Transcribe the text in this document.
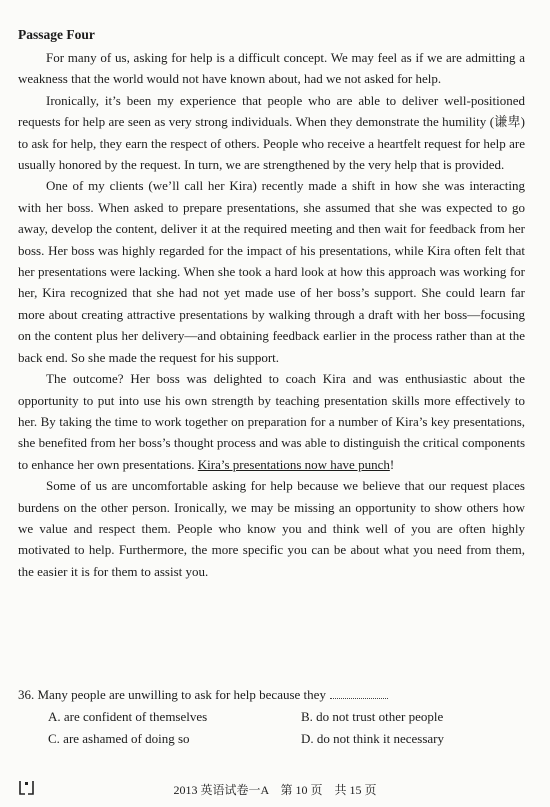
Passage Four

For many of us, asking for help is a difficult concept. We may feel as if we are admitting a weakness that the world would not have known about, had we not asked for help.

Ironically, it’s been my experience that people who are able to deliver well-positioned requests for help are seen as very strong individuals. When they demonstrate the humility (谦卑) to ask for help, they earn the respect of others. People who receive a heartfelt request for help are usually honored by the request. In turn, we are strengthened by the very help that is provided.

One of my clients (we’ll call her Kira) recently made a shift in how she was interacting with her boss. When asked to prepare presentations, she assumed that she was expected to go away, develop the content, deliver it at the required meeting and then wait for feedback from her boss. Her boss was highly regarded for the impact of his presentations, while Kira often felt that her presentations were lacking. When she took a hard look at how this approach was working for her, Kira recognized that she had not yet made use of her boss’s support. She could learn far more about creating attractive presentations by walking through a draft with her boss—focusing on the content plus her delivery—and obtaining feedback earlier in the process rather than at the back end. So she made the request for his support.

The outcome? Her boss was delighted to coach Kira and was enthusiastic about the opportunity to put into use his own strength by teaching presentation skills more effectively to her. By taking the time to work together on preparation for a number of Kira’s key presentations, she benefited from her boss’s thought process and was able to distinguish the critical components to enhance her own presentations. Kira’s presentations now have punch!

Some of us are uncomfortable asking for help because we believe that our request places burdens on the other person. Ironically, we may be missing an opportunity to show others how we value and respect them. People who know you and think well of you are often highly motivated to help. Furthermore, the more specific you can be about what you need from them, the easier it is for them to assist you.

36. Many people are unwilling to ask for help because they
A. are confident of themselves	B. do not trust other people
C. are ashamed of doing so	D. do not think it necessary
2013 英语试卷一A　第 10 页　共 15 页
